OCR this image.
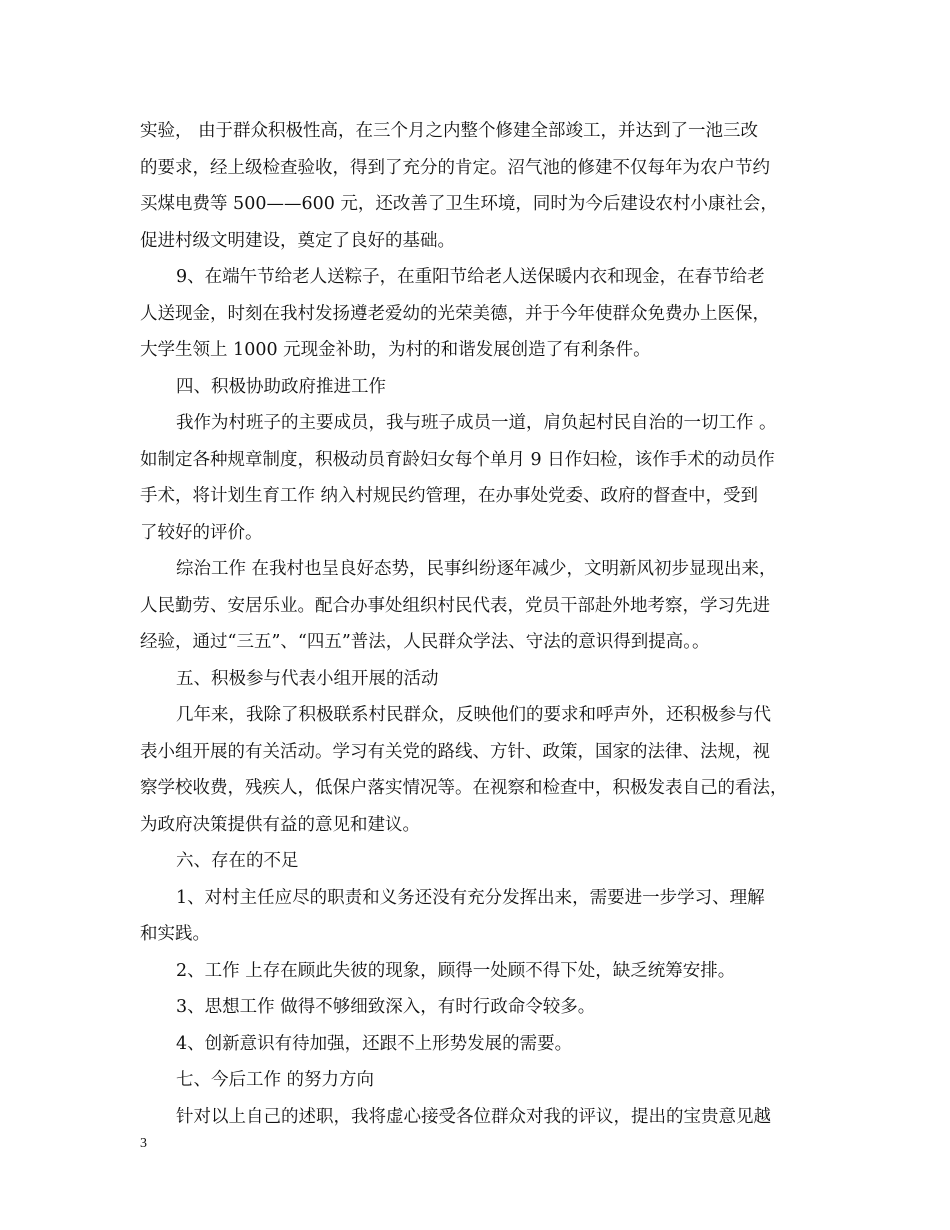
实验， 由于群众积极性高，在三个月之内整个修建全部竣工，并达到了一池三改
的要求，经上级检查验收，得到了充分的肯定。沼气池的修建不仅每年为农户节约
买煤电费等 500——600 元，还改善了卫生环境，同时为今后建设农村小康社会，
促进村级文明建设，奠定了良好的基础。
9、在端午节给老人送粽子，在重阳节给老人送保暖内衣和现金，在春节给老
人送现金，时刻在我村发扬遵老爱幼的光荣美德，并于今年使群众免费办上医保，
大学生领上 1000 元现金补助，为村的和谐发展创造了有利条件。
四、积极协助政府推进工作
我作为村班子的主要成员，我与班子成员一道，肩负起村民自治的一切工作 。
如制定各种规章制度，积极动员育龄妇女每个单月 9 日作妇检，该作手术的动员作
手术，将计划生育工作 纳入村规民约管理，在办事处党委、政府的督查中，受到
了较好的评价。
综治工作 在我村也呈良好态势，民事纠纷逐年减少，文明新风初步显现出来，
人民勤劳、安居乐业。配合办事处组织村民代表，党员干部赴外地考察，学习先进
经验，通过“三五”、“四五”普法，人民群众学法、守法的意识得到提高。。
五、积极参与代表小组开展的活动
几年来，我除了积极联系村民群众，反映他们的要求和呼声外，还积极参与代
表小组开展的有关活动。学习有关党的路线、方针、政策，国家的法律、法规，视
察学校收费，残疾人，低保户落实情况等。在视察和检查中，积极发表自己的看法，
为政府决策提供有益的意见和建议。
六、存在的不足
1、对村主任应尽的职责和义务还没有充分发挥出来，需要进一步学习、理解
和实践。
2、工作 上存在顾此失彼的现象，顾得一处顾不得下处，缺乏统筹安排。
3、思想工作 做得不够细致深入，有时行政命令较多。
4、创新意识有待加强，还跟不上形势发展的需要。
七、今后工作 的努力方向
针对以上自己的述职，我将虚心接受各位群众对我的评议，提出的宝贵意见越
3
